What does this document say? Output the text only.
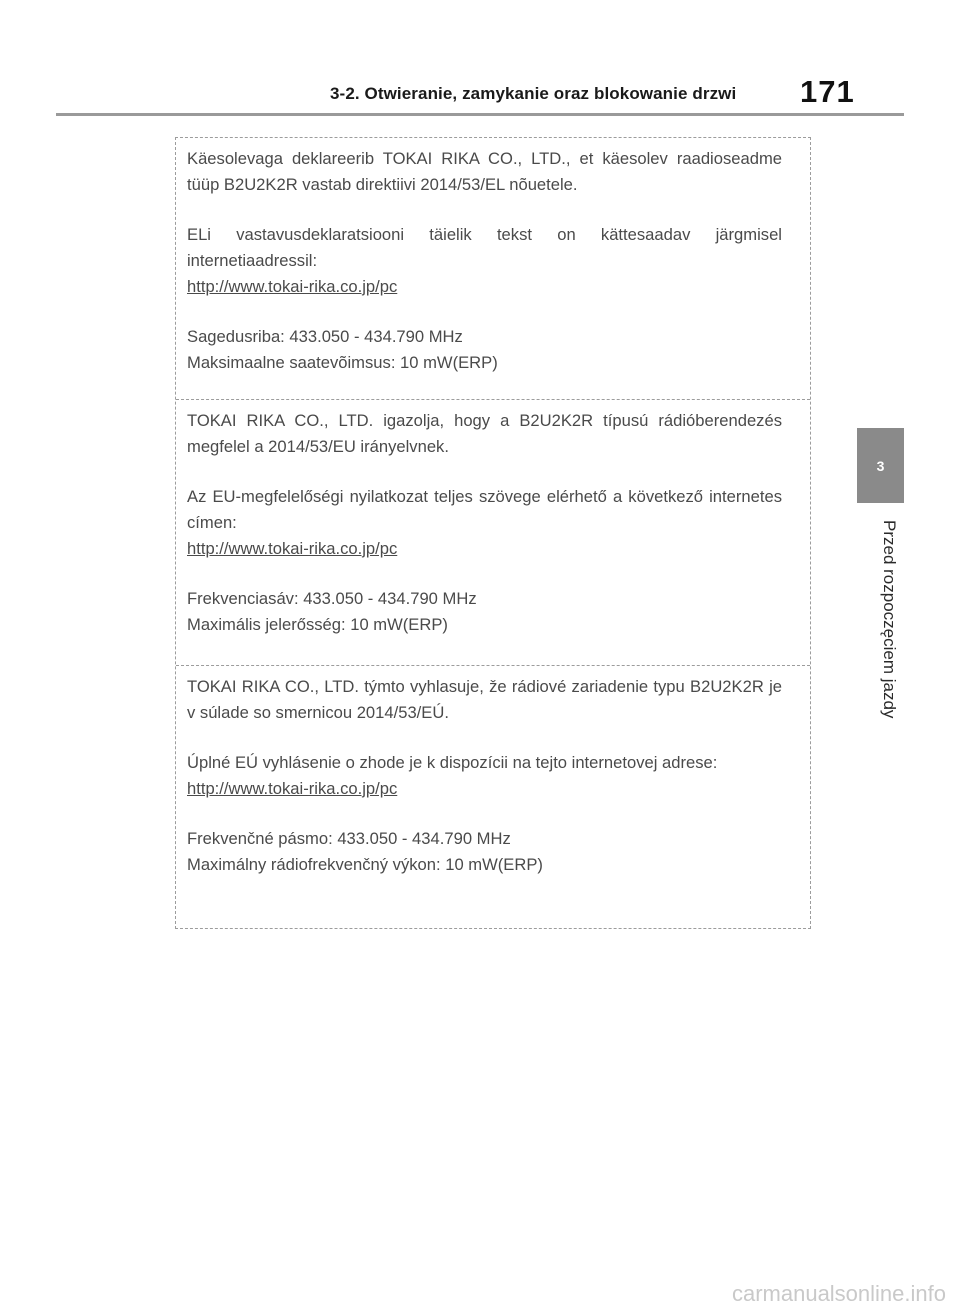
3-2. Otwieranie, zamykanie oraz blokowanie drzwi 171
3
Przed rozpoczęciem jazdy

Käesolevaga deklareerib TOKAI RIKA CO., LTD., et käesolev raadioseadme tüüp B2U2K2R vastab direktiivi 2014/53/EL nõuetele.

ELi vastavusdeklaratsiooni täielik tekst on kättesaadav järgmisel internetiaadressil:
http://www.tokai-rika.co.jp/pc

Sagedusriba: 433.050 - 434.790 MHz
Maksimaalne saatevõimsus: 10 mW(ERP)

TOKAI RIKA CO., LTD. igazolja, hogy a B2U2K2R típusú rádióberendezés megfelel a 2014/53/EU irányelvnek.

Az EU-megfelelőségi nyilatkozat teljes szövege elérhető a következő internetes címen:
http://www.tokai-rika.co.jp/pc

Frekvenciasáv: 433.050 - 434.790 MHz
Maximális jelerősség: 10 mW(ERP)

TOKAI RIKA CO., LTD. týmto vyhlasuje, že rádiové zariadenie typu B2U2K2R je v súlade so smernicou 2014/53/EÚ.

Úplné EÚ vyhlásenie o zhode je k dispozícii na tejto internetovej adrese:
http://www.tokai-rika.co.jp/pc

Frekvenčné pásmo: 433.050 - 434.790 MHz
Maximálny rádiofrekvenčný výkon: 10 mW(ERP)

carmanualsonline.info
